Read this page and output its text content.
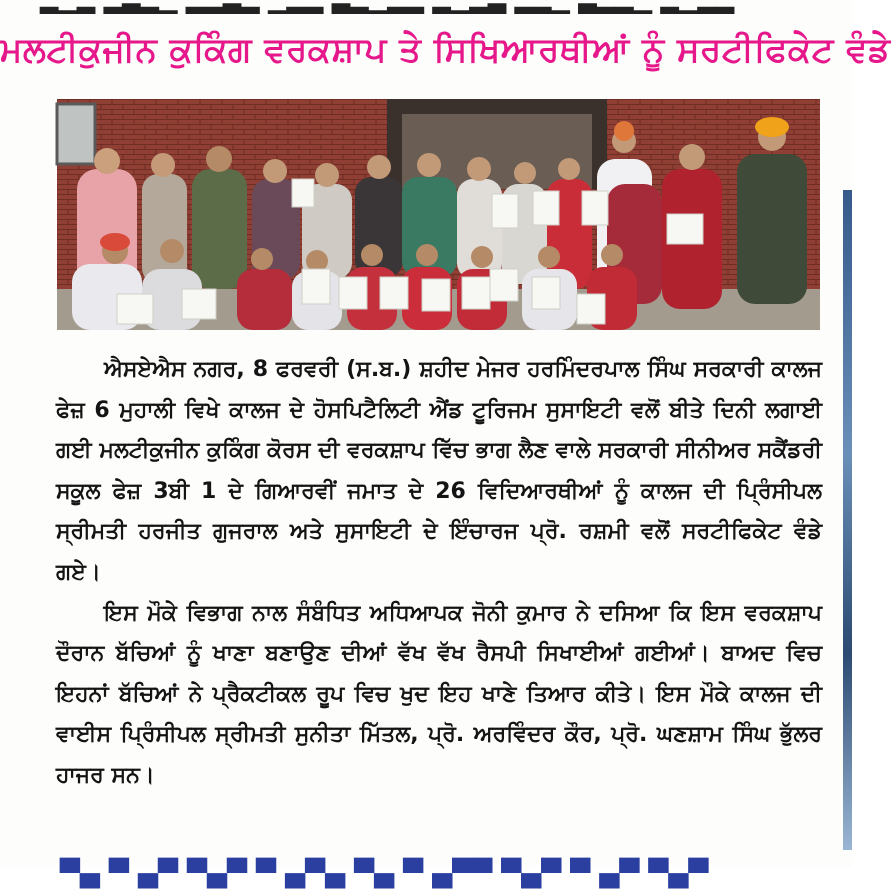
▂▁▂ ▂▃▂▁ ▂▂▃▂ ▁▂▂ ▃▂▁▂▂ ▂▁▂▃ ▂▂▁ ▃▂▂▁ ▂▁▂▂
ਮਲਟੀਕੁਜੀਨ ਕੁਕਿੰਗ ਵਰਕਸ਼ਾਪ ਤੇ ਸਿਖਿਆਰਥੀਆਂ ਨੂੰ ਸਰਟੀਫਿਕੇਟ ਵੰਡੇ

ਐਸਏਐਸ ਨਗਰ, 8 ਫਰਵਰੀ (ਸ.ਬ.) ਸ਼ਹੀਦ ਮੇਜਰ ਹਰਮਿੰਦਰਪਾਲ ਸਿੰਘ ਸਰਕਾਰੀ ਕਾਲਜ ਫੇਜ਼ 6 ਮੁਹਾਲੀ ਵਿਖੇ ਕਾਲਜ ਦੇ ਹੋਸਪਿਟੈਲਿਟੀ ਐਂਡ ਟੂਰਿਜਮ ਸੁਸਾਇਟੀ ਵਲੋਂ ਬੀਤੇ ਦਿਨੀ ਲਗਾਈ ਗਈ ਮਲਟੀਕੁਜੀਨ ਕੁਕਿੰਗ ਕੋਰਸ ਦੀ ਵਰਕਸ਼ਾਪ ਵਿੱਚ ਭਾਗ ਲੈਣ ਵਾਲੇ ਸਰਕਾਰੀ ਸੀਨੀਅਰ ਸਕੈਂਡਰੀ ਸਕੂਲ ਫੇਜ਼ 3ਬੀ 1 ਦੇ ਗਿਆਰਵੀਂ ਜਮਾਤ ਦੇ 26 ਵਿਦਿਆਰਥੀਆਂ ਨੂੰ ਕਾਲਜ ਦੀ ਪ੍ਰਿੰਸੀਪਲ ਸ੍ਰੀਮਤੀ ਹਰਜੀਤ ਗੁਜਰਾਲ ਅਤੇ ਸੁਸਾਇਟੀ ਦੇ ਇੰਚਾਰਜ ਪ੍ਰੋ. ਰਸ਼ਮੀ ਵਲੋਂ ਸਰਟੀਫਿਕੇਟ ਵੰਡੇ ਗਏ।

ਇਸ ਮੌਕੇ ਵਿਭਾਗ ਨਾਲ ਸੰਬੰਧਿਤ ਅਧਿਆਪਕ ਜੋਨੀ ਕੁਮਾਰ ਨੇ ਦਸਿਆ ਕਿ ਇਸ ਵਰਕਸ਼ਾਪ ਦੌਰਾਨ ਬੱਚਿਆਂ ਨੂੰ ਖਾਣਾ ਬਣਾਉਣ ਦੀਆਂ ਵੱਖ ਵੱਖ ਰੈਸਪੀ ਸਿਖਾਈਆਂ ਗਈਆਂ। ਬਾਅਦ ਵਿਚ ਇਹਨਾਂ ਬੱਚਿਆਂ ਨੇ ਪ੍ਰੈਕਟੀਕਲ ਰੂਪ ਵਿਚ ਖੁਦ ਇਹ ਖਾਣੇ ਤਿਆਰ ਕੀਤੇ। ਇਸ ਮੌਕੇ ਕਾਲਜ ਦੀ ਵਾਈਸ ਪ੍ਰਿੰਸੀਪਲ ਸ੍ਰੀਮਤੀ ਸੁਨੀਤਾ ਮਿੱਤਲ, ਪ੍ਰੋ. ਅਰਵਿੰਦਰ ਕੌਰ, ਪ੍ਰੋ. ਘਣਸ਼ਾਮ ਸਿੰਘ ਭੁੱਲਰ ਹਾਜਰ ਸਨ।

▀▄ ▀ ▄▀ ▀▄▀ ▀ ▄▀▄ ▀▄ ▀ ▄▀▀ ▀▄▀ ▀ ▄▀ ▀▄▀
